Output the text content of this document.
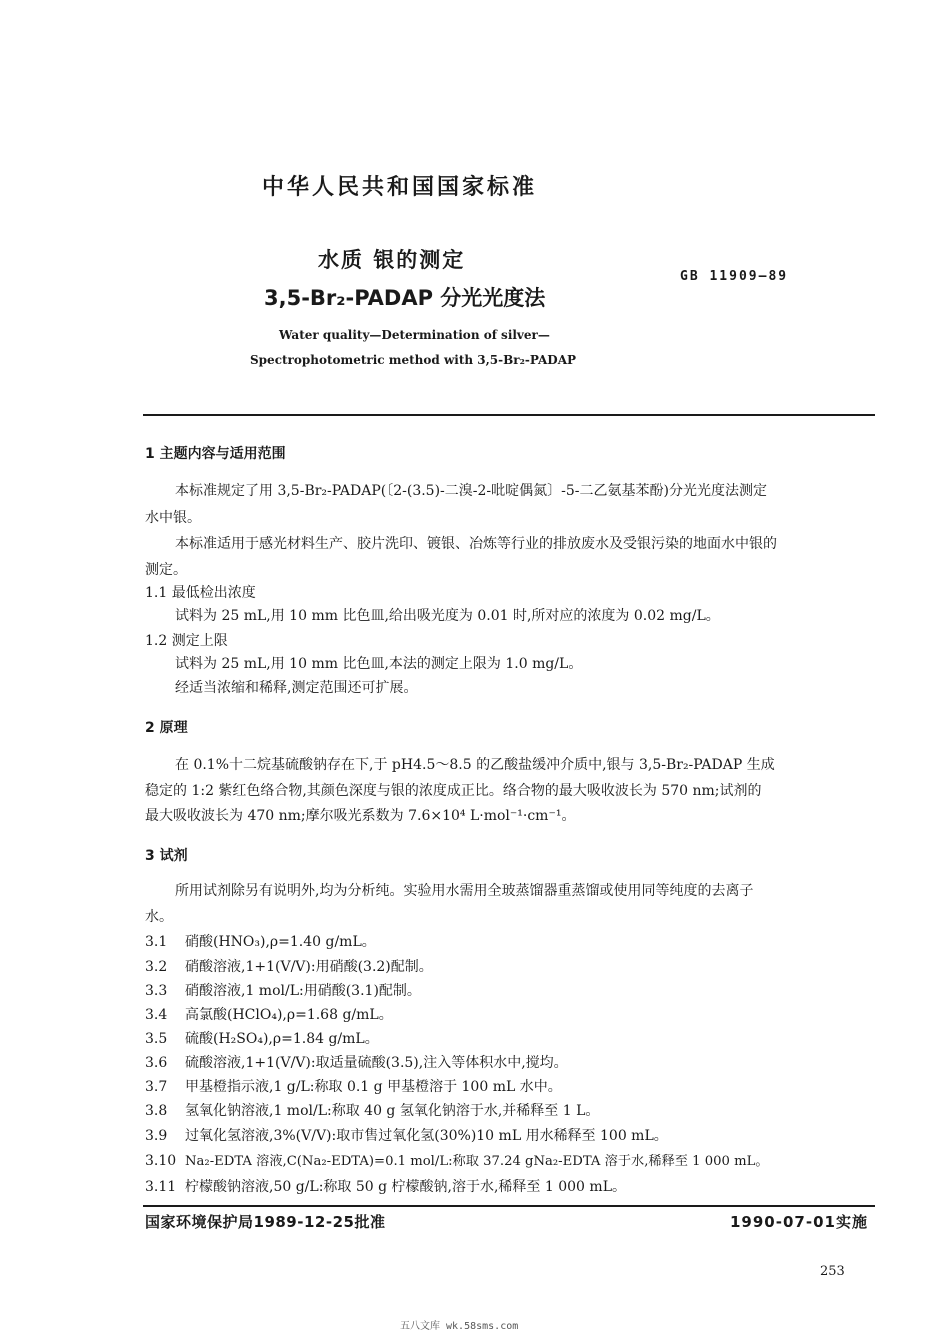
中华人民共和国国家标准
水质 银的测定
3,5-Br₂-PADAP 分光光度法
GB 11909—89
Water quality—Determination of silver—
Spectrophotometric method with 3,5-Br₂-PADAP
1 主题内容与适用范围
本标准规定了用 3,5-Br₂-PADAP(〔2-(3.5)-二溴-2-吡啶偶氮〕-5-二乙氨基苯酚)分光光度法测定
水中银。
本标准适用于感光材料生产、胶片洗印、镀银、冶炼等行业的排放废水及受银污染的地面水中银的
测定。
1.1 最低检出浓度
试料为 25 mL,用 10 mm 比色皿,给出吸光度为 0.01 时,所对应的浓度为 0.02 mg/L。
1.2 测定上限
试料为 25 mL,用 10 mm 比色皿,本法的测定上限为 1.0 mg/L。
经适当浓缩和稀释,测定范围还可扩展。
2 原理
在 0.1%十二烷基硫酸钠存在下,于 pH4.5～8.5 的乙酸盐缓冲介质中,银与 3,5-Br₂-PADAP 生成
稳定的 1:2 紫红色络合物,其颜色深度与银的浓度成正比。络合物的最大吸收波长为 570 nm;试剂的
最大吸收波长为 470 nm;摩尔吸光系数为 7.6×10⁴ L·mol⁻¹·cm⁻¹。
3 试剂
所用试剂除另有说明外,均为分析纯。实验用水需用全玻蒸馏器重蒸馏或使用同等纯度的去离子
水。
3.1 硝酸(HNO₃),ρ=1.40 g/mL。
3.2 硝酸溶液,1+1(V/V):用硝酸(3.2)配制。
3.3 硝酸溶液,1 mol/L:用硝酸(3.1)配制。
3.4 高氯酸(HClO₄),ρ=1.68 g/mL。
3.5 硫酸(H₂SO₄),ρ=1.84 g/mL。
3.6 硫酸溶液,1+1(V/V):取适量硫酸(3.5),注入等体积水中,搅均。
3.7 甲基橙指示液,1 g/L:称取 0.1 g 甲基橙溶于 100 mL 水中。
3.8 氢氧化钠溶液,1 mol/L:称取 40 g 氢氧化钠溶于水,并稀释至 1 L。
3.9 过氧化氢溶液,3%(V/V):取市售过氧化氢(30%)10 mL 用水稀释至 100 mL。
3.10 Na₂-EDTA 溶液,C(Na₂-EDTA)=0.1 mol/L:称取 37.24 gNa₂-EDTA 溶于水,稀释至 1 000 mL。
3.11 柠檬酸钠溶液,50 g/L:称取 50 g 柠檬酸钠,溶于水,稀释至 1 000 mL。
国家环境保护局1989-12-25批准	1990-07-01实施
253
五八文库 wk.58sms.com
